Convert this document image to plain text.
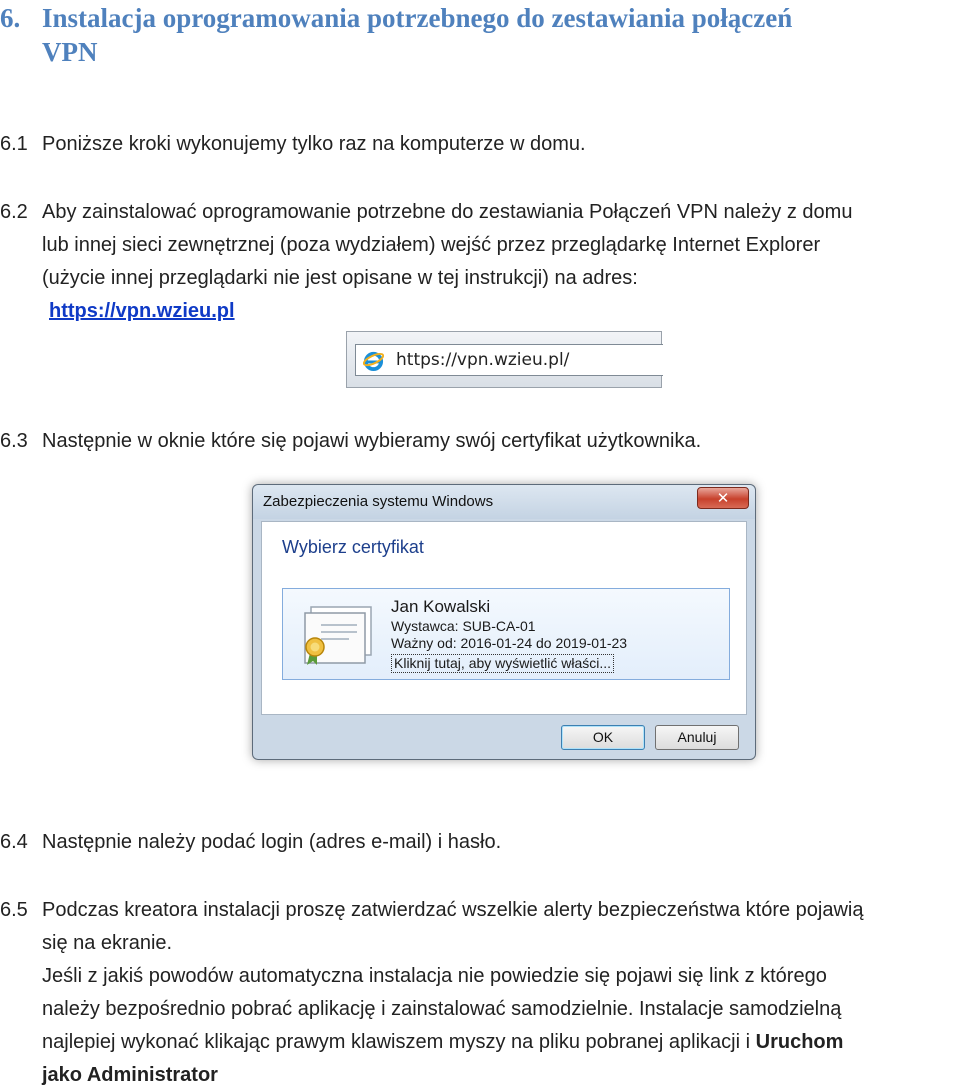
6. Instalacja oprogramowania potrzebnego do zestawiania połączeń
VPN
6.1 Poniższe kroki wykonujemy tylko raz na komputerze w domu.
6.2 Aby zainstalować oprogramowanie potrzebne do zestawiania Połączeń VPN należy z domu
lub innej sieci zewnętrznej (poza wydziałem) wejść przez przeglądarkę Internet Explorer
(użycie innej przeglądarki nie jest opisane w tej instrukcji) na adres:
https://vpn.wzieu.pl
https://vpn.wzieu.pl/
6.3 Następnie w oknie które się pojawi wybieramy swój certyfikat użytkownika.
Zabezpieczenia systemu Windows	✕
Wybierz certyfikat
Jan Kowalski
Wystawca: SUB-CA-01
Ważny od: 2016-01-24 do 2019-01-23
Kliknij tutaj, aby wyświetlić właści...
OK	Anuluj
6.4 Następnie należy podać login (adres e-mail) i hasło.
6.5 Podczas kreatora instalacji proszę zatwierdzać wszelkie alerty bezpieczeństwa które pojawią
się na ekranie.
Jeśli z jakiś powodów automatyczna instalacja nie powiedzie się pojawi się link z którego
należy bezpośrednio pobrać aplikację i zainstalować samodzielnie. Instalacje samodzielną
najlepiej wykonać klikając prawym klawiszem myszy na pliku pobranej aplikacji i Uruchom
jako Administrator
